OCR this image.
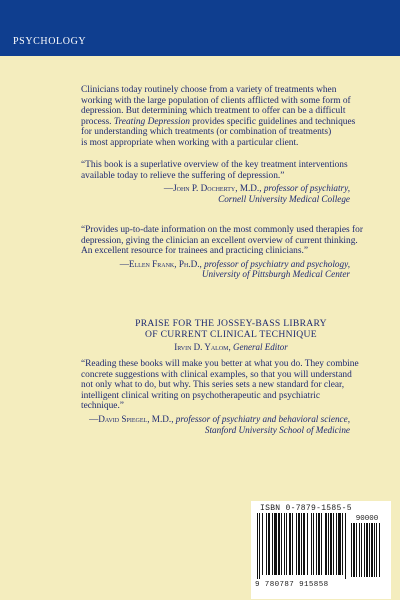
PSYCHOLOGY

Clinicians today routinely choose from a variety of treatments when

working with the large population of clients afflicted with some form of

depression. But determining which treatment to offer can be a difficult

process. Treating Depression provides specific guidelines and techniques

for understanding which treatments (or combination of treatments)

is most appropriate when working with a particular client.

“This book is a superlative overview of the key treatment interventions

available today to relieve the suffering of depression.”

—John P. Docherty, M.D., professor of psychiatry,
Cornell University Medical College

“Provides up-to-date information on the most commonly used therapies for

depression, giving the clinician an excellent overview of current thinking.

An excellent resource for trainees and practicing clinicians.”

—Ellen Frank, Ph.D., professor of psychiatry and psychology,
University of Pittsburgh Medical Center
PRAISE FOR THE JOSSEY-BASS LIBRARY
OF CURRENT CLINICAL TECHNIQUE
Irvin D. Yalom, General Editor

“Reading these books will make you better at what you do. They combine

concrete suggestions with clinical examples, so that you will understand

not only what to do, but why. This series sets a new standard for clear,

intelligent clinical writing on psychotherapeutic and psychiatric

technique.”

—David Spiegel, M.D., professor of psychiatry and behavioral science,
Stanford University School of Medicine
ISBN 0-7879-1585-5
90000
9 780787 915858
